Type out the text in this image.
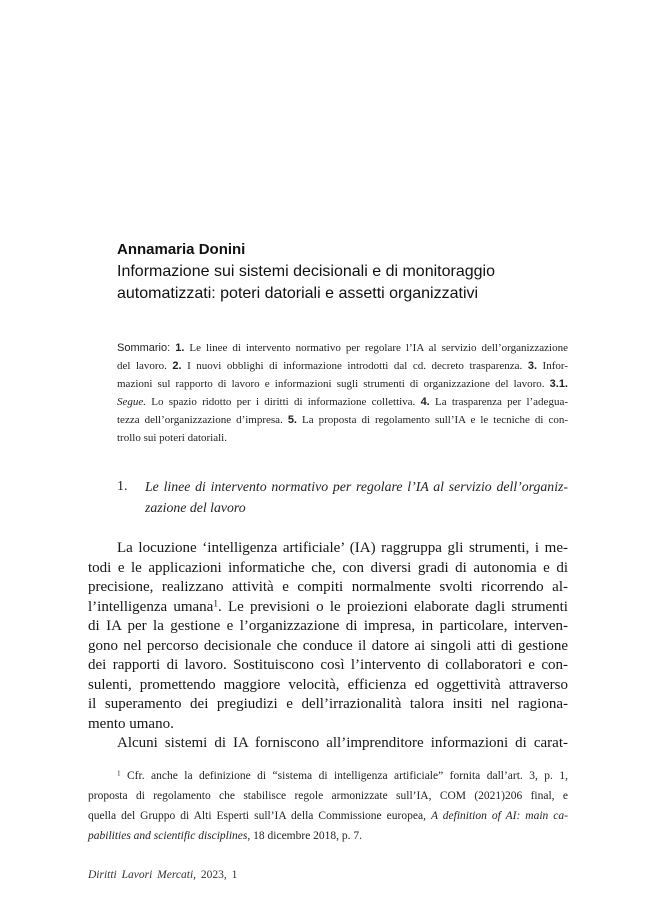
Annamaria Donini
Informazione sui sistemi decisionali e di monitoraggio
automatizzati: poteri datoriali e assetti organizzativi
Sommario: 1. Le linee di intervento normativo per regolare l’IA al servizio dell’organizzazione
del lavoro. 2. I nuovi obblighi di informazione introdotti dal cd. decreto trasparenza. 3. Infor-
mazioni sul rapporto di lavoro e informazioni sugli strumenti di organizzazione del lavoro. 3.1.
Segue. Lo spazio ridotto per i diritti di informazione collettiva. 4. La trasparenza per l’adegua-
tezza dell’organizzazione d’impresa. 5. La proposta di regolamento sull’IA e le tecniche di con-
trollo sui poteri datoriali.
1. Le linee di intervento normativo per regolare l’IA al servizio dell’organiz-
zazione del lavoro
La locuzione ‘intelligenza artificiale’ (IA) raggruppa gli strumenti, i me-
todi e le applicazioni informatiche che, con diversi gradi di autonomia e di
precisione, realizzano attività e compiti normalmente svolti ricorrendo al-
l’intelligenza umana$^1$. Le previsioni o le proiezioni elaborate dagli strumenti
di IA per la gestione e l’organizzazione di impresa, in particolare, interven-
gono nel percorso decisionale che conduce il datore ai singoli atti di gestione
dei rapporti di lavoro. Sostituiscono così l’intervento di collaboratori e con-
sulenti, promettendo maggiore velocità, efficienza ed oggettività attraverso
il superamento dei pregiudizi e dell’irrazionalità talora insiti nel ragiona-
mento umano.
Alcuni sistemi di IA forniscono all’imprenditore informazioni di carat-
$^1$ Cfr. anche la definizione di “sistema di intelligenza artificiale” fornita dall’art. 3, p. 1,
proposta di regolamento che stabilisce regole armonizzate sull’IA, COM (2021)206 final, e
quella del Gruppo di Alti Esperti sull’IA della Commissione europea, A definition of AI: main ca-
pabilities and scientific disciplines, 18 dicembre 2018, p. 7.
Diritti Lavori Mercati, 2023, 1
